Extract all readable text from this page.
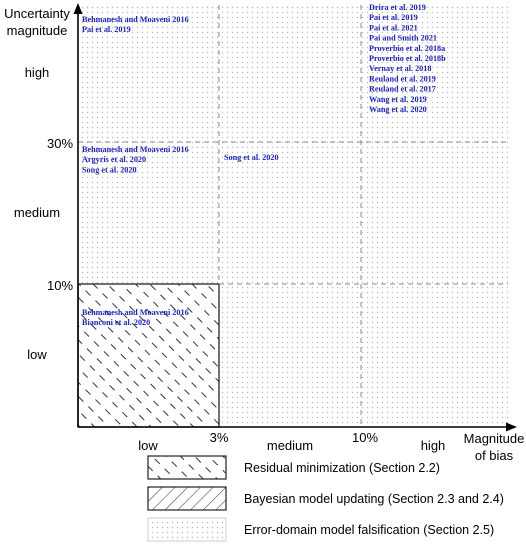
Uncertainty
magnitude
high
30%
medium
10%
low
low
3%
medium
10%
high Magnitude
of bias
Behmanesh and Moaveni 2016
Pai et al. 2019
Drira et al. 2019
Pai et al. 2019
Pai et al. 2021
Pai and Smith 2021
Proverbio et al. 2018a
Proverbio et al. 2018b
Vernay et al. 2018
Reuland et al. 2019
Reuland et al. 2017
Wang et al. 2019
Wang et al. 2020
Behmanesh and Moaveni 2016
Argyris et al. 2020
Song et al. 2020
Song et al. 2020
Behmanesh and Moaveni 2016
Bianconi et al. 2020
Residual minimization (Section 2.2)
Bayesian model updating (Section 2.3 and 2.4)
Error-domain model falsification (Section 2.5)
